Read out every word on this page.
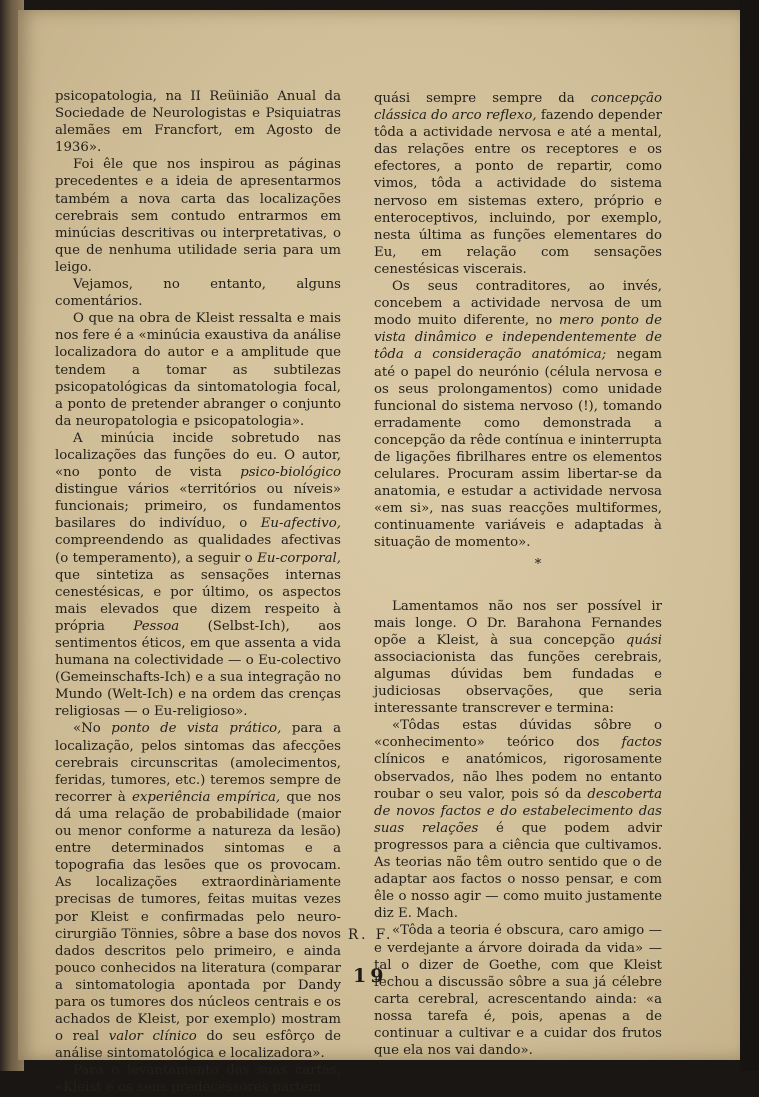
psicopatologia, na II Reüinião Anual da Sociedade de Neurologistas e Psiquiatras alemães em Francfort, em Agosto de 1936».

Foi êle que nos inspirou as páginas precedentes e a ideia de apresentarmos também a nova carta das localizações cerebrais sem contudo entrarmos em minúcias descritivas ou interpretativas, o que de nenhuma utilidade seria para um leigo.

Vejamos, no entanto, alguns comentários.

O que na obra de Kleist ressalta e mais nos fere é a «minúcia exaustiva da análise localizadora do autor e a amplitude que tendem a tomar as subtilezas psicopatológicas da sintomatologia focal, a ponto de pretender abranger o conjunto da neuropatologia e psicopatologia».

A minúcia incide sobretudo nas localizações das funções do eu. O autor, «no ponto de vista psico-biológico distingue vários «territórios ou níveis» funcionais; primeiro, os fundamentos basilares do indivíduo, o Eu-afectivo, compreendendo as qualidades afectivas (o temperamento), a seguir o Eu-corporal, que sintetiza as sensações internas cenestésicas, e por último, os aspectos mais elevados que dizem respeito à própria Pessoa (Selbst-Ich), aos sentimentos éticos, em que assenta a vida humana na colectividade — o Eu-colectivo (Gemeinschafts-Ich) e a sua integração no Mundo (Welt-Ich) e na ordem das crenças religiosas — o Eu-religioso».

«No ponto de vista prático, para a localização, pelos sintomas das afecções cerebrais circunscritas (amolecimentos, feridas, tumores, etc.) teremos sempre de recorrer à experiência empírica, que nos dá uma relação de probabilidade (maior ou menor conforme a natureza da lesão) entre determinados sintomas e a topografia das lesões que os provocam. As localizações extraordinàriamente precisas de tumores, feitas muitas vezes por Kleist e confirmadas pelo neuro-cirurgião Tönnies, sôbre a base dos novos dados descritos pelo primeiro, e ainda pouco conhecidos na literatura (comparar a sintomatologia apontada por Dandy para os tumores dos núcleos centrais e os achados de Kleist, por exemplo) mostram o real valor clínico do seu esfôrço de análise sintomatológica e localizadora».

Para o levantamento das suas cartas, «Kleist e os seus predecessores partem

quási sempre sempre da concepção clássica do arco reflexo, fazendo depender tôda a actividade nervosa e até a mental, das relações entre os receptores e os efectores, a ponto de repartir, como vimos, tôda a actividade do sistema nervoso em sistemas extero, próprio e enteroceptivos, incluindo, por exemplo, nesta última as funções elementares do Eu, em relação com sensações cenestésicas viscerais.

Os seus contraditores, ao invés, concebem a actividade nervosa de um modo muito diferente, no mero ponto de vista dinâmico e independentemente de tôda a consideração anatómica; negam até o papel do neurónio (célula nervosa e os seus prolongamentos) como unidade funcional do sistema nervoso (!), tomando erradamente como demonstrada a concepção da rêde contínua e ininterrupta de ligações fibrilhares entre os elementos celulares. Procuram assim libertar-se da anatomia, e estudar a actividade nervosa «em si», nas suas reacções multiformes, continuamente variáveis e adaptadas à situação de momento».

*

Lamentamos não nos ser possível ir mais longe. O Dr. Barahona Fernandes opõe a Kleist, à sua concepção quási associacionista das funções cerebrais, algumas dúvidas bem fundadas e judiciosas observações, que seria interessante transcrever e termina:

«Tôdas estas dúvidas sôbre o «conhecimento» teórico dos factos clínicos e anatómicos, rigorosamente observados, não lhes podem no entanto roubar o seu valor, pois só da descoberta de novos factos e do estabelecimento das suas relações é que podem advir progressos para a ciência que cultivamos. As teorias não têm outro sentido que o de adaptar aos factos o nosso pensar, e com êle o nosso agir — como muito justamente diz E. Mach.

«Tôda a teoria é obscura, caro amigo — e verdejante a árvore doirada da vida» — tal o dizer de Goethe, com que Kleist fechou a discussão sôbre a sua já célebre carta cerebral, acrescentando ainda: «a nossa tarefa é, pois, apenas a de continuar a cultivar e a cuidar dos frutos que ela nos vai dando».

R. F.
19
